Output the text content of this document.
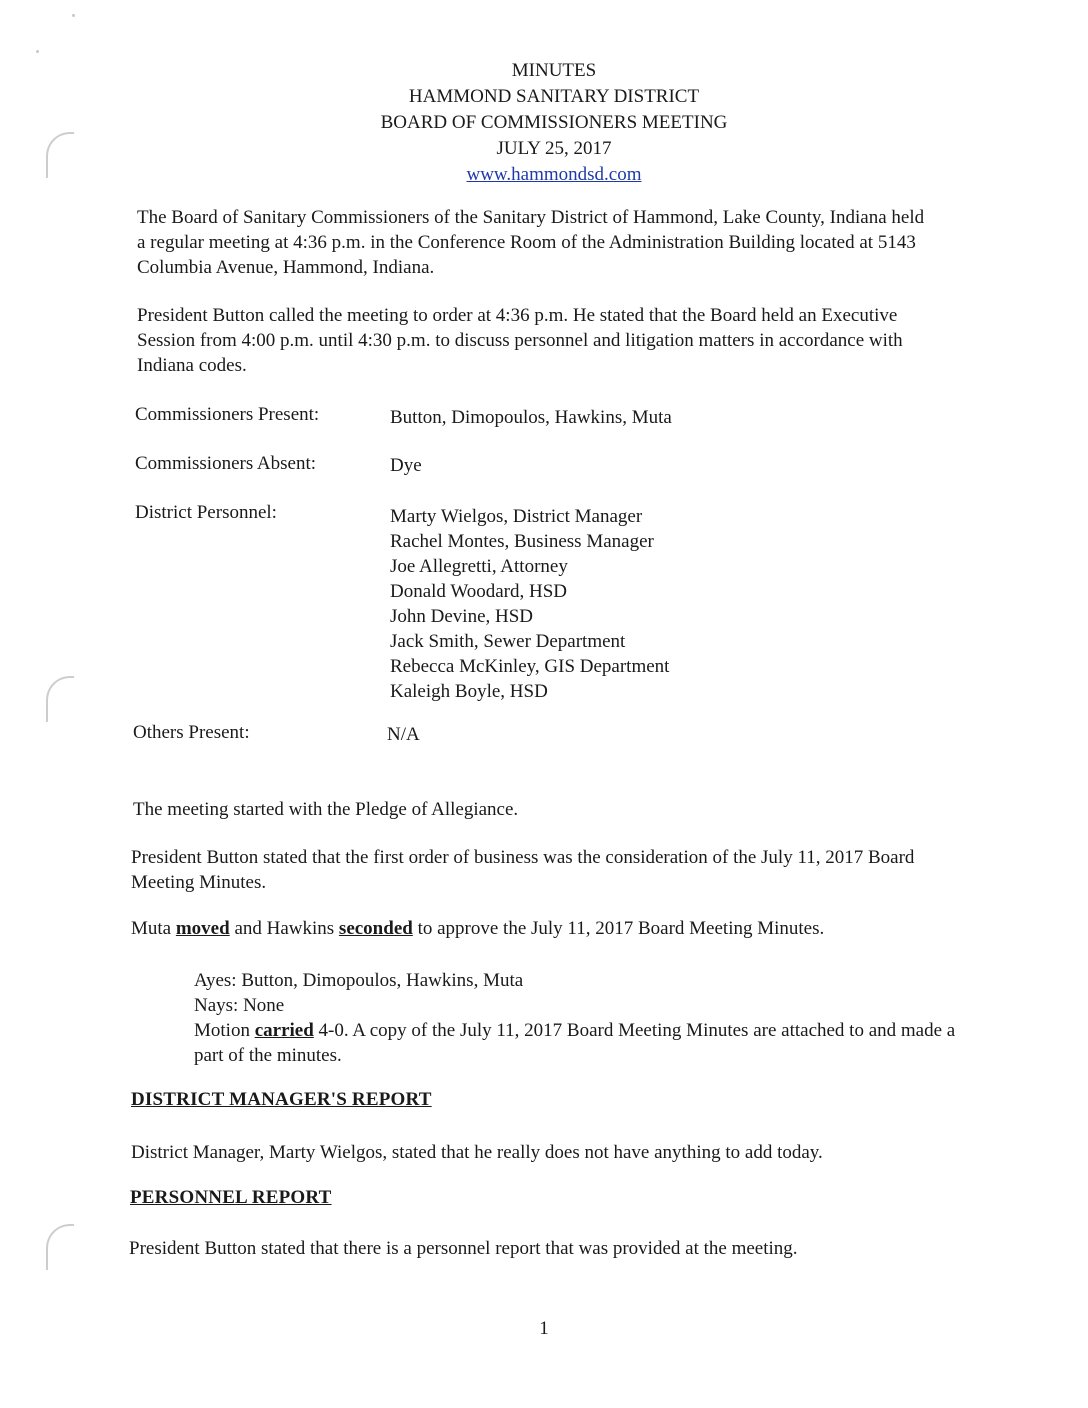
MINUTES
HAMMOND SANITARY DISTRICT
BOARD OF COMMISSIONERS MEETING
JULY 25, 2017
www.hammondsd.com
The Board of Sanitary Commissioners of the Sanitary District of Hammond, Lake County, Indiana held a regular meeting at 4:36 p.m. in the Conference Room of the Administration Building located at 5143 Columbia Avenue, Hammond, Indiana.
President Button called the meeting to order at 4:36 p.m. He stated that the Board held an Executive Session from 4:00 p.m. until 4:30 p.m. to discuss personnel and litigation matters in accordance with Indiana codes.
Commissioners Present:	Button, Dimopoulos, Hawkins, Muta
Commissioners Absent:	Dye
District Personnel:	Marty Wielgos, District Manager
Rachel Montes, Business Manager
Joe Allegretti, Attorney
Donald Woodard, HSD
John Devine, HSD
Jack Smith, Sewer Department
Rebecca McKinley, GIS Department
Kaleigh Boyle, HSD
Others Present:	N/A
The meeting started with the Pledge of Allegiance.
President Button stated that the first order of business was the consideration of the July 11, 2017 Board Meeting Minutes.
Muta moved and Hawkins seconded to approve the July 11, 2017 Board Meeting Minutes.
Ayes: Button, Dimopoulos, Hawkins, Muta
Nays: None
Motion carried 4-0. A copy of the July 11, 2017 Board Meeting Minutes are attached to and made a part of the minutes.
DISTRICT MANAGER'S REPORT
District Manager, Marty Wielgos, stated that he really does not have anything to add today.
PERSONNEL REPORT
President Button stated that there is a personnel report that was provided at the meeting.
1
